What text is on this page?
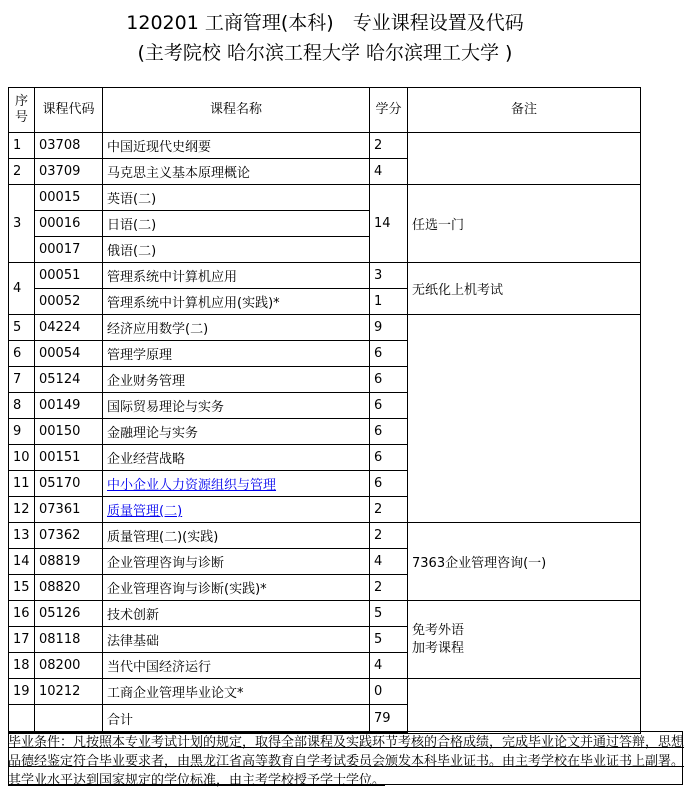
120201 工商管理(本科)　专业课程设置及代码
(主考院校 哈尔滨工程大学 哈尔滨理工大学 )
序号	课程代码	课程名称	学分	备注
1	03708	中国近现代史纲要	2	
2	03709	马克思主义基本原理概论	4	
3	00015	英语(二)	14	任选一门
	00016	日语(二)		
	00017	俄语(二)		
4	00051	管理系统中计算机应用	3	无纸化上机考试
	00052	管理系统中计算机应用(实践)*	1	
5	04224	经济应用数学(二)	9	
6	00054	管理学原理	6	
7	05124	企业财务管理	6	
8	00149	国际贸易理论与实务	6	
9	00150	金融理论与实务	6	
10	00151	企业经营战略	6	
11	05170	中小企业人力资源组织与管理	6	
12	07361	质量管理(二)	2	
13	07362	质量管理(二)(实践)	2	7363企业管理咨询(一)
14	08819	企业管理咨询与诊断	4	
15	08820	企业管理咨询与诊断(实践)*	2	
16	05126	技术创新	5	免考外语
加考课程
17	08118	法律基础	5	
18	08200	当代中国经济运行	4	
19	10212	工商企业管理毕业论文*	0	
		合计	79	
毕业条件：凡按照本专业考试计划的规定，取得全部课程及实践环节考核的合格成绩，完成毕业论文并通过答辩，思想品德经鉴定符合毕业要求者，由黑龙江省高等教育自学考试委员会颁发本科毕业证书。由主考学校在毕业证书上副署。其学业水平达到国家规定的学位标准，由主考学校授予学士学位。
